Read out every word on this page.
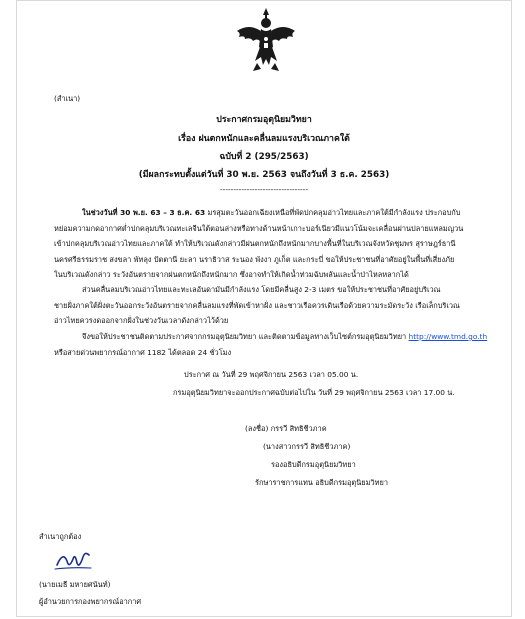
(สำเนา)
ประกาศกรมอุตุนิยมวิทยา
เรื่อง ฝนตกหนักและคลื่นลมแรงบริเวณภาคใต้
ฉบับที่ 2 (295/2563)
(มีผลกระทบตั้งแต่วันที่ 30 พ.ย. 2563 จนถึงวันที่ 3 ธ.ค. 2563)
---------------------------------
ในช่วงวันที่ 30 พ.ย. 63 – 3 ธ.ค. 63 มรสุมตะวันออกเฉียงเหนือที่พัดปกคลุมอ่าวไทยและภาคใต้มีกำลังแรง ประกอบกับ
หย่อมความกดอากาศต่ำปกคลุมบริเวณทะเลจีนใต้ตอนล่างหรือทางด้านหน้าเกาะบอร์เนียวมีแนวโน้มจะเคลื่อนผ่านปลายแหลมญวน
เข้าปกคลุมบริเวณอ่าวไทยและภาคใต้ ทำให้บริเวณดังกล่าวมีฝนตกหนักถึงหนักมากบางพื้นที่ในบริเวณจังหวัดชุมพร สุราษฎร์ธานี
นครศรีธรรมราช สงขลา พัทลุง ปัตตานี ยะลา นราธิวาส ระนอง พังงา ภูเก็ต และกระบี่ ขอให้ประชาชนที่อาศัยอยู่ในพื้นที่เสี่ยงภัย
ในบริเวณดังกล่าว ระวังอันตรายจากฝนตกหนักถึงหนักมาก ซึ่งอาจทำให้เกิดน้ำท่วมฉับพลันและน้ำป่าไหลหลากได้
ส่วนคลื่นลมบริเวณอ่าวไทยและทะเลอันดามันมีกำลังแรง โดยมีคลื่นสูง 2-3 เมตร ขอให้ประชาชนที่อาศัยอยู่บริเวณ
ชายฝั่งภาคใต้ฝั่งตะวันออกระวังอันตรายจากคลื่นลมแรงที่พัดเข้าหาฝั่ง และชาวเรือควรเดินเรือด้วยความระมัดระวัง เรือเล็กบริเวณ
อ่าวไทยควรงดออกจากฝั่งในช่วงวันเวลาดังกล่าวไว้ด้วย
จึงขอให้ประชาชนติดตามประกาศจากกรมอุตุนิยมวิทยา และติดตามข้อมูลทางเว็บไซต์กรมอุตุนิยมวิทยา http://www.tmd.go.th
หรือสายด่วนพยากรณ์อากาศ 1182 ได้ตลอด 24 ชั่วโมง
ประกาศ ณ วันที่ 29 พฤศจิกายน 2563 เวลา 05.00 น.
กรมอุตุนิยมวิทยาจะออกประกาศฉบับต่อไปใน วันที่ 29 พฤศจิกายน 2563 เวลา 17.00 น.
(ลงชื่อ) กรรวี สิทธิชีวภาค
(นางสาวกรรวี สิทธิชีวภาค)
รองอธิบดีกรมอุตุนิยมวิทยา
รักษาราชการแทน อธิบดีกรมอุตุนิยมวิทยา
สำเนาถูกต้อง
(นายเมธี มหายศนันท์)
ผู้อำนวยการกองพยากรณ์อากาศ
